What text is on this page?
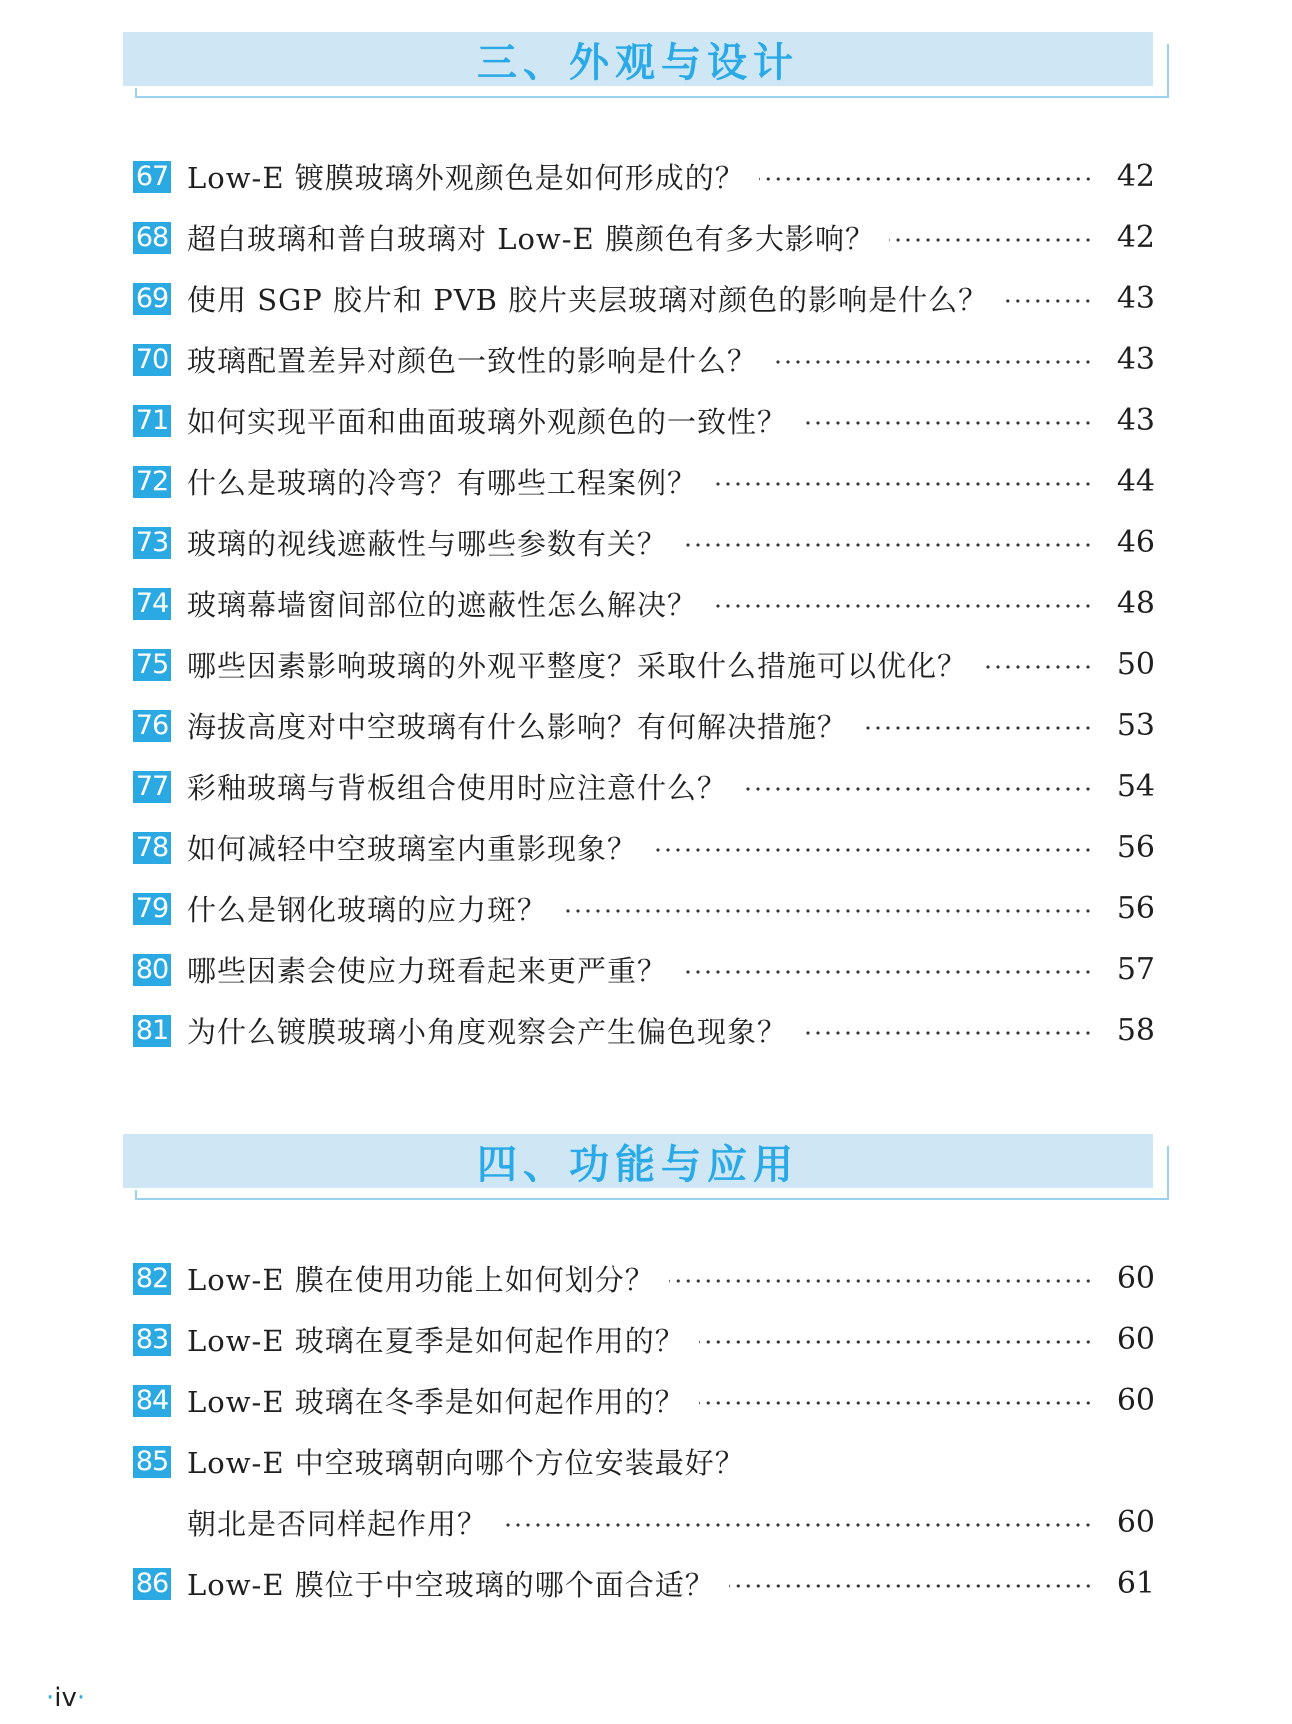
三、外观与设计
67 Low-E 镀膜玻璃外观颜色是如何形成的？	42
68 超白玻璃和普白玻璃对 Low-E 膜颜色有多大影响？	42
69 使用 SGP 胶片和 PVB 胶片夹层玻璃对颜色的影响是什么？	43
70 玻璃配置差异对颜色一致性的影响是什么？	43
71 如何实现平面和曲面玻璃外观颜色的一致性？	43
72 什么是玻璃的冷弯？有哪些工程案例？	44
73 玻璃的视线遮蔽性与哪些参数有关？	46
74 玻璃幕墙窗间部位的遮蔽性怎么解决？	48
75 哪些因素影响玻璃的外观平整度？采取什么措施可以优化？	50
76 海拔高度对中空玻璃有什么影响？有何解决措施？	53
77 彩釉玻璃与背板组合使用时应注意什么？	54
78 如何减轻中空玻璃室内重影现象？	56
79 什么是钢化玻璃的应力斑？	56
80 哪些因素会使应力斑看起来更严重？	57
81 为什么镀膜玻璃小角度观察会产生偏色现象？	58
四、功能与应用
82 Low-E 膜在使用功能上如何划分？	60
83 Low-E 玻璃在夏季是如何起作用的？	60
84 Low-E 玻璃在冬季是如何起作用的？	60
85 Low-E 中空玻璃朝向哪个方位安装最好？
朝北是否同样起作用？	60
86 Low-E 膜位于中空玻璃的哪个面合适？	61
·iv·
